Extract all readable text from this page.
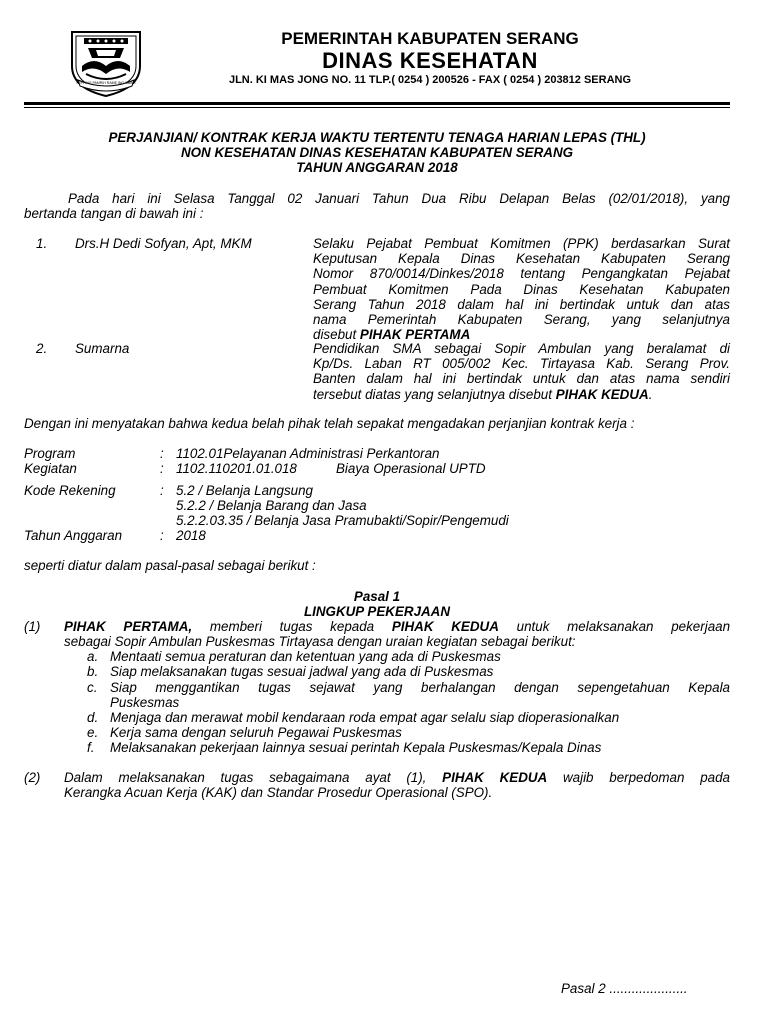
SEPI ING PAMRIH RAME ING GAWE
PEMERINTAH KABUPATEN SERANG
DINAS KESEHATAN
JLN. KI MAS JONG NO. 11 TLP.( 0254 ) 200526 - FAX ( 0254 ) 203812 SERANG
PERJANJIAN/ KONTRAK KERJA WAKTU TERTENTU TENAGA HARIAN LEPAS (THL)
NON KESEHATAN DINAS KESEHATAN KABUPATEN SERANG
TAHUN ANGGARAN 2018
Pada hari ini Selasa Tanggal 02 Januari Tahun Dua Ribu Delapan Belas (02/01/2018), yang
bertanda tangan di bawah ini :
1. Drs.H Dedi Sofyan, Apt, MKM	Selaku Pejabat Pembuat Komitmen (PPK) berdasarkan Surat
Keputusan Kepala Dinas Kesehatan Kabupaten Serang
Nomor 870/0014/Dinkes/2018 tentang Pengangkatan Pejabat
Pembuat Komitmen Pada Dinas Kesehatan Kabupaten
Serang Tahun 2018 dalam hal ini bertindak untuk dan atas
nama Pemerintah Kabupaten Serang, yang selanjutnya
disebut PIHAK PERTAMA
2. Sumarna	Pendidikan SMA sebagai Sopir Ambulan yang beralamat di
Kp/Ds. Laban RT 005/002 Kec. Tirtayasa Kab. Serang Prov.
Banten dalam hal ini bertindak untuk dan atas nama sendiri
tersebut diatas yang selanjutnya disebut PIHAK KEDUA.
Dengan ini menyatakan bahwa kedua belah pihak telah sepakat mengadakan perjanjian kontrak kerja :
Program	: 1102.01Pelayanan Administrasi Perkantoran
Kegiatan	: 1102.110201.01.018	Biaya Operasional UPTD
Kode Rekening	: 5.2 / Belanja Langsung
5.2.2 / Belanja Barang dan Jasa
5.2.2.03.35 / Belanja Jasa Pramubakti/Sopir/Pengemudi
Tahun Anggaran	: 2018
seperti diatur dalam pasal-pasal sebagai berikut :
Pasal 1
LINGKUP PEKERJAAN
(1) PIHAK PERTAMA, memberi tugas kepada PIHAK KEDUA untuk melaksanakan pekerjaan
sebagai Sopir Ambulan Puskesmas Tirtayasa dengan uraian kegiatan sebagai berikut:
a. Mentaati semua peraturan dan ketentuan yang ada di Puskesmas
b. Siap melaksanakan tugas sesuai jadwal yang ada di Puskesmas
c. Siap menggantikan tugas sejawat yang berhalangan dengan sepengetahuan Kepala
Puskesmas
d. Menjaga dan merawat mobil kendaraan roda empat agar selalu siap dioperasionalkan
e. Kerja sama dengan seluruh Pegawai Puskesmas
f. Melaksanakan pekerjaan lainnya sesuai perintah Kepala Puskesmas/Kepala Dinas
(2) Dalam melaksanakan tugas sebagaimana ayat (1), PIHAK KEDUA wajib berpedoman pada
Kerangka Acuan Kerja (KAK) dan Standar Prosedur Operasional (SPO).
Pasal 2 .....................
